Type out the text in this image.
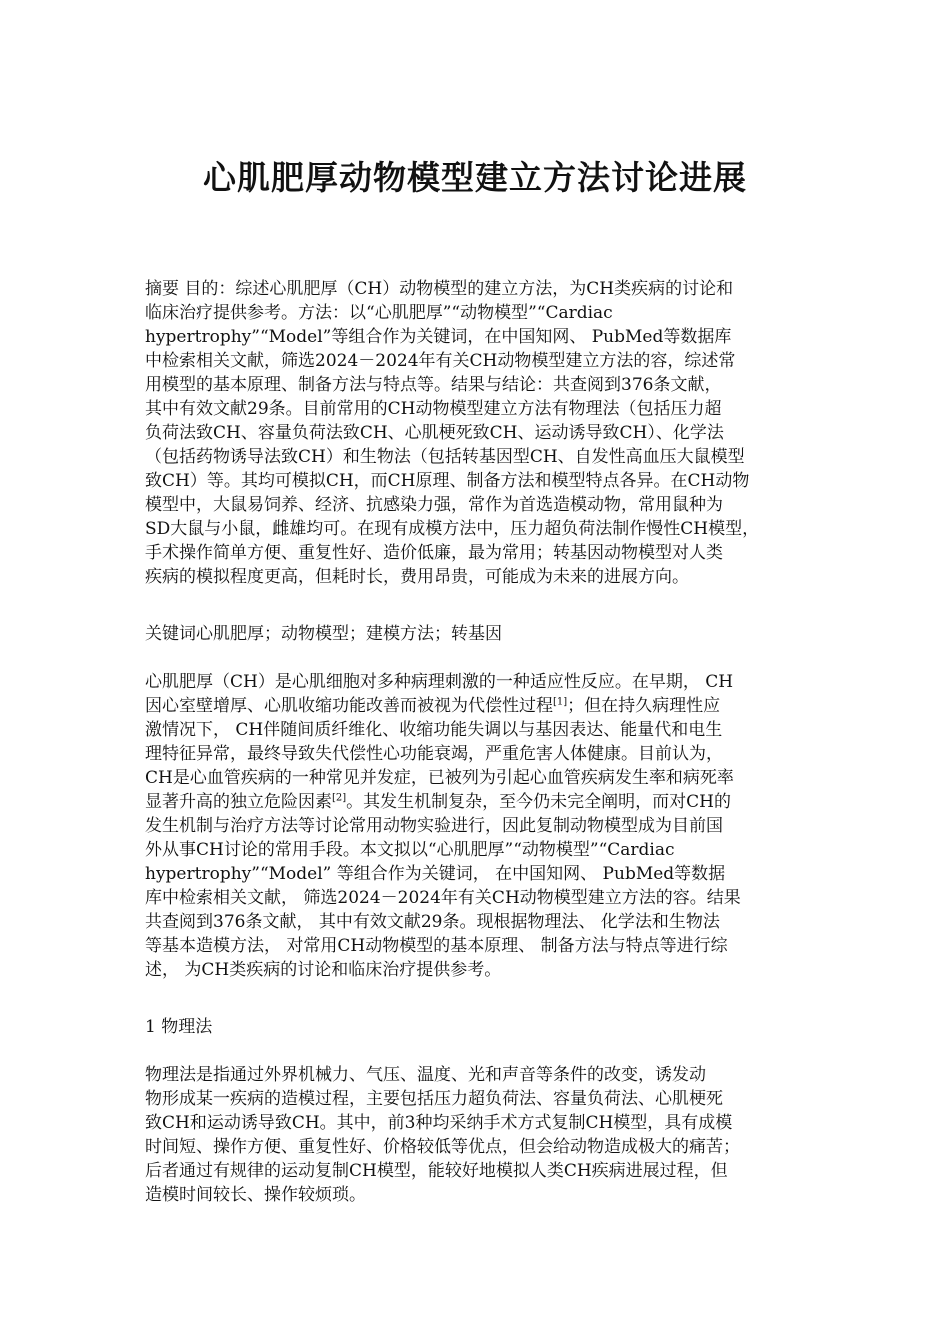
心肌肥厚动物模型建立方法讨论进展
摘要 目的：综述心肌肥厚（CH）动物模型的建立方法，为CH类疾病的讨论和
临床治疗提供参考。方法：以“心肌肥厚”“动物模型”“Cardiac
hypertrophy”“Model”等组合作为关键词，在中国知网、 PubMed等数据库
中检索相关文献，筛选2024－2024年有关CH动物模型建立方法的容，综述常
用模型的基本原理、制备方法与特点等。结果与结论：共查阅到376条文献，
其中有效文献29条。目前常用的CH动物模型建立方法有物理法（包括压力超
负荷法致CH、容量负荷法致CH、心肌梗死致CH、运动诱导致CH）、化学法
（包括药物诱导法致CH）和生物法（包括转基因型CH、自发性高血压大鼠模型
致CH）等。其均可模拟CH，而CH原理、制备方法和模型特点各异。在CH动物
模型中，大鼠易饲养、经济、抗感染力强，常作为首选造模动物，常用鼠种为
SD大鼠与小鼠，雌雄均可。在现有成模方法中，压力超负荷法制作慢性CH模型，
手术操作简单方便、重复性好、造价低廉，最为常用；转基因动物模型对人类
疾病的模拟程度更高，但耗时长，费用昂贵，可能成为未来的进展方向。
关键词心肌肥厚；动物模型；建模方法；转基因
心肌肥厚（CH）是心肌细胞对多种病理刺激的一种适应性反应。在早期， CH
因心室壁增厚、心肌收缩功能改善而被视为代偿性过程[1]；但在持久病理性应
激情况下， CH伴随间质纤维化、收缩功能失调以与基因表达、能量代和电生
理特征异常，最终导致失代偿性心功能衰竭，严重危害人体健康。目前认为，
CH是心血管疾病的一种常见并发症，已被列为引起心血管疾病发生率和病死率
显著升高的独立危险因素[2]。其发生机制复杂，至今仍未完全阐明，而对CH的
发生机制与治疗方法等讨论常用动物实验进行，因此复制动物模型成为目前国
外从事CH讨论的常用手段。本文拟以“心肌肥厚”“动物模型”“Cardiac
hypertrophy”“Model” 等组合作为关键词， 在中国知网、 PubMed等数据
库中检索相关文献， 筛选2024－2024年有关CH动物模型建立方法的容。结果
共查阅到376条文献， 其中有效文献29条。现根据物理法、 化学法和生物法
等基本造模方法， 对常用CH动物模型的基本原理、 制备方法与特点等进行综
述， 为CH类疾病的讨论和临床治疗提供参考。
1 物理法
物理法是指通过外界机械力、气压、温度、光和声音等条件的改变，诱发动
物形成某一疾病的造模过程，主要包括压力超负荷法、容量负荷法、心肌梗死
致CH和运动诱导致CH。其中，前3种均采纳手术方式复制CH模型，具有成模
时间短、操作方便、重复性好、价格较低等优点，但会给动物造成极大的痛苦；
后者通过有规律的运动复制CH模型，能较好地模拟人类CH疾病进展过程，但
造模时间较长、操作较烦琐。
